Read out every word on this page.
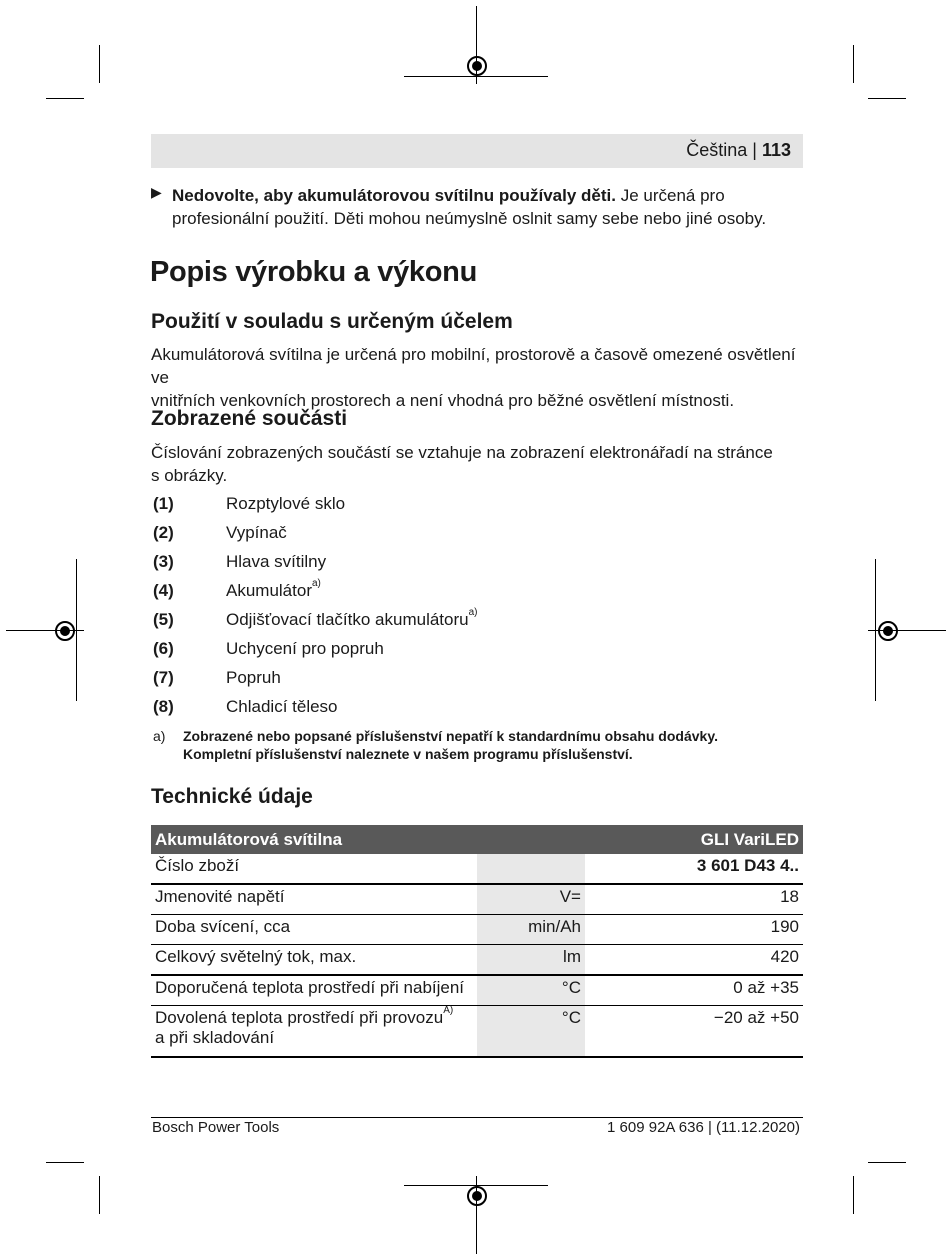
Čeština | 113
▶ Nedovolte, aby akumulátorovou svítilnu používaly děti. Je určená pro
profesionální použití. Děti mohou neúmyslně oslnit samy sebe nebo jiné osoby.
Popis výrobku a výkonu
Použití v souladu s určeným účelem
Akumulátorová svítilna je určená pro mobilní, prostorově a časově omezené osvětlení ve
vnitřních venkovních prostorech a není vhodná pro běžné osvětlení místnosti.
Zobrazené součásti
Číslování zobrazených součástí se vztahuje na zobrazení elektronářadí na stránce
s obrázky.
(1)	Rozptylové sklo
(2)	Vypínač
(3)	Hlava svítilny
(4)	Akumulátor$^{a)}$
(5)	Odjišťovací tlačítko akumulátoru$^{a)}$
(6)	Uchycení pro popruh
(7)	Popruh
(8)	Chladicí těleso
a) Zobrazené nebo popsané příslušenství nepatří k standardnímu obsahu dodávky.
Kompletní příslušenství naleznete v našem programu příslušenství.
Technické údaje
Akumulátorová svítilna		GLI VariLED
Číslo zboží		3 601 D43 4..
Jmenovité napětí	V=	18
Doba svícení, cca	min/Ah	190
Celkový světelný tok, max.	lm	420
Doporučená teplota prostředí při nabíjení	°C	0 až +35
Dovolená teplota prostředí při provozu$^{A)}$
a při skladování	°C	−20 až +50
Bosch Power Tools	1 609 92A 636 | (11.12.2020)
